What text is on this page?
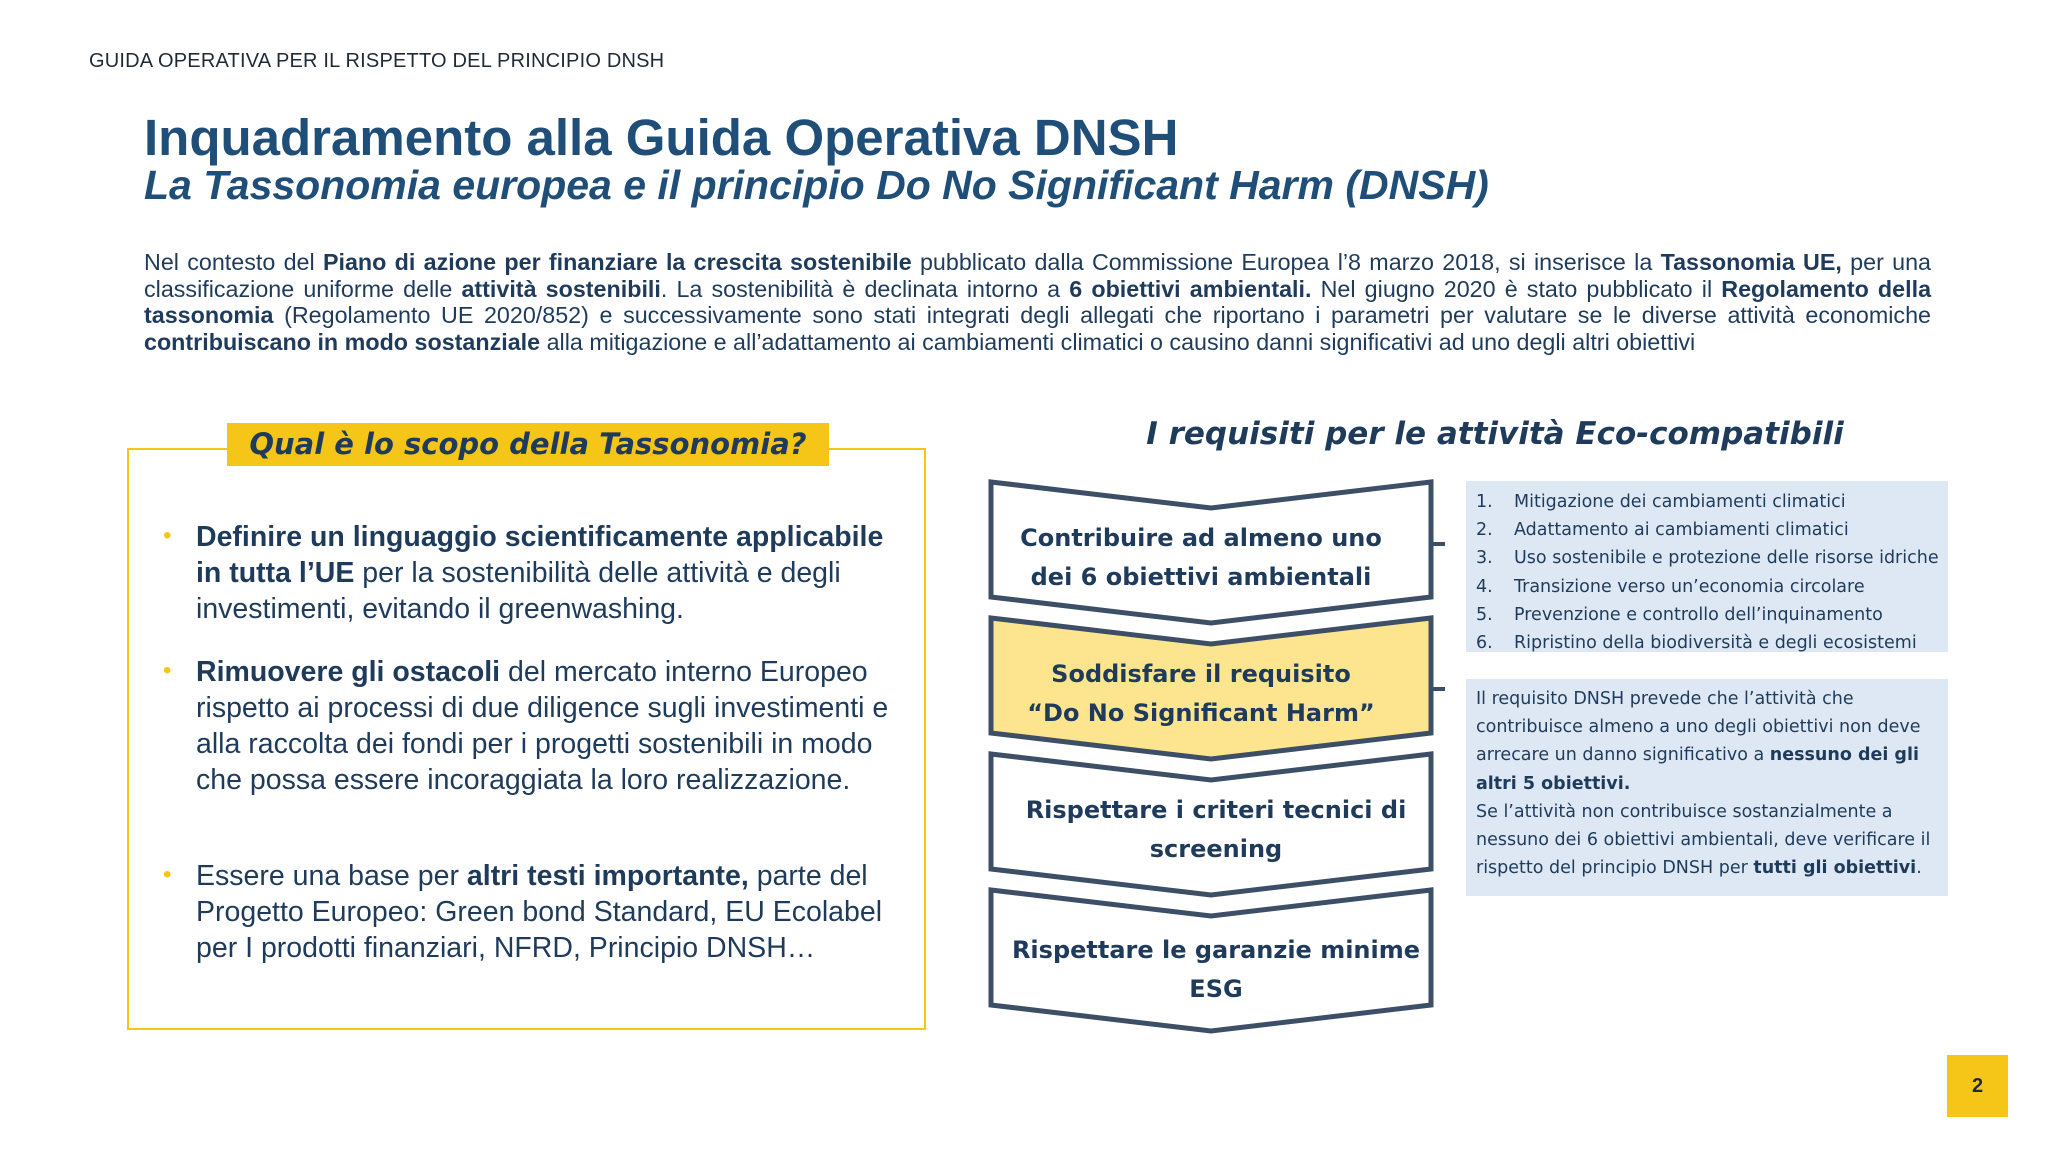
GUIDA OPERATIVA PER IL RISPETTO DEL PRINCIPIO DNSH
Inquadramento alla Guida Operativa DNSH
La Tassonomia europea e il principio Do No Significant Harm (DNSH)
Nel contesto del Piano di azione per finanziare la crescita sostenibile pubblicato dalla Commissione Europea l’8 marzo 2018, si inserisce la Tassonomia UE, per una classificazione uniforme delle attività sostenibili. La sostenibilità è declinata intorno a 6 obiettivi ambientali. Nel giugno 2020 è stato pubblicato il Regolamento della tassonomia (Regolamento UE 2020/852) e successivamente sono stati integrati degli allegati che riportano i parametri per valutare se le diverse attività economiche contribuiscano in modo sostanziale alla mitigazione e all’adattamento ai cambiamenti climatici o causino danni significativi ad uno degli altri obiettivi
Qual è lo scopo della Tassonomia?
• Definire un linguaggio scientificamente applicabile in tutta l’UE per la sostenibilità delle attività e degli investimenti, evitando il greenwashing.
• Rimuovere gli ostacoli del mercato interno Europeo rispetto ai processi di due diligence sugli investimenti e alla raccolta dei fondi per i progetti sostenibili in modo che possa essere incoraggiata la loro realizzazione.
• Essere una base per altri testi importante, parte del Progetto Europeo: Green bond Standard, EU Ecolabel per I prodotti finanziari, NFRD, Principio DNSH…
I requisiti per le attività Eco-compatibili
Contribuire ad almeno uno
dei 6 obiettivi ambientali
Soddisfare il requisito
“Do No Significant Harm”
Rispettare i criteri tecnici di
screening
Rispettare le garanzie minime
ESG
1. Mitigazione dei cambiamenti climatici
2. Adattamento ai cambiamenti climatici
3. Uso sostenibile e protezione delle risorse idriche
4. Transizione verso un’economia circolare
5. Prevenzione e controllo dell’inquinamento
6. Ripristino della biodiversità e degli ecosistemi
Il requisito DNSH prevede che l’attività che contribuisce almeno a uno degli obiettivi non deve arrecare un danno significativo a nessuno dei gli altri 5 obiettivi.
Se l’attività non contribuisce sostanzialmente a nessuno dei 6 obiettivi ambientali, deve verificare il rispetto del principio DNSH per tutti gli obiettivi.
2
